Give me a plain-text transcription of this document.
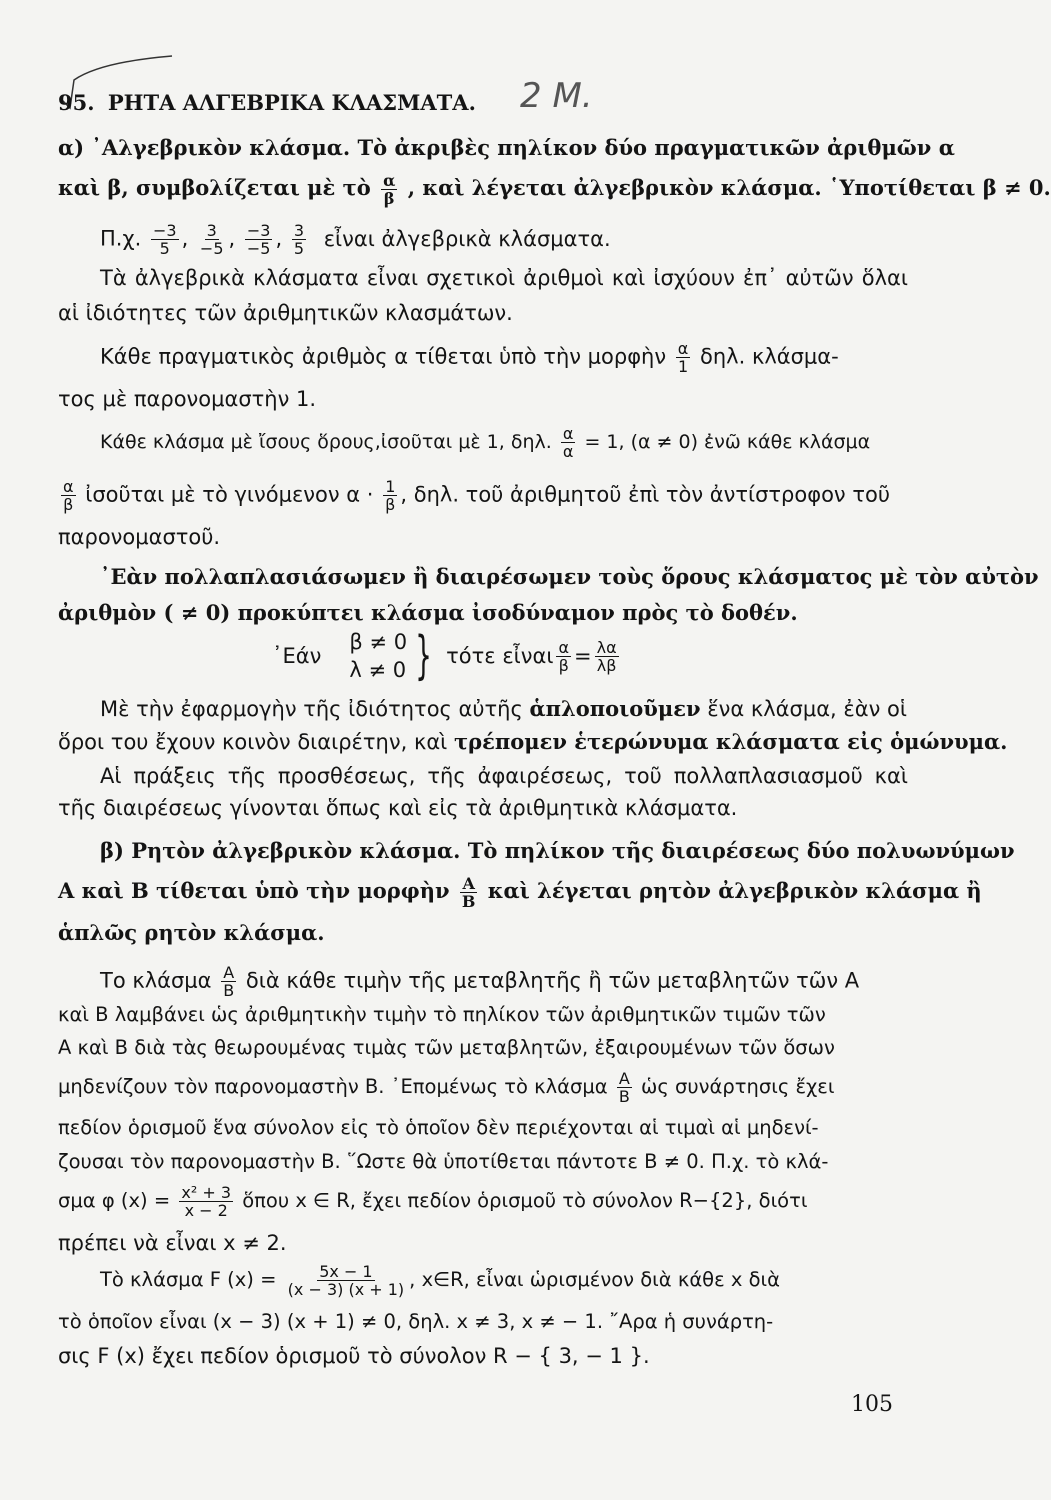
95. ΡΗΤΑ ΑΛΓΕΒΡΙΚΑ ΚΛΑΣΜΑΤΑ.	2 Μ.
α) ᾽Αλγεβρικὸν κλάσμα. Τὸ ἀκριβὲς πηλίκον δύο πραγματικῶν ἀριθμῶν α
καὶ β, συμβολίζεται μὲ τὸ $\frac{\alpha}{\beta}$ , καὶ λέγεται ἀλγεβρικὸν κλάσμα. ῾Υποτίθεται β ≠ 0.
Π.χ. $\frac{-3}{5}$ , $\frac{3}{-5}$ , $\frac{-3}{-5}$ , $\frac{3}{5}$ εἶναι ἀλγεβρικὰ κλάσματα.
Τὰ ἀλγεβρικὰ κλάσματα εἶναι σχετικοὶ ἀριθμοὶ καὶ ἰσχύουν ἐπ᾽ αὐτῶν ὅλαι
αἱ ἰδιότητες τῶν ἀριθμητικῶν κλασμάτων.
Κάθε πραγματικὸς ἀριθμὸς α τίθεται ὑπὸ τὴν μορφὴν $\frac{\alpha}{1} \delta\eta\lambda$. κλάσμα-
τος μὲ παρονομαστὴν 1.
Κάθε κλάσμα μὲ ἴσους ὅρους,ἰσοῦται μὲ 1, δηλ. $\frac{\alpha}{\alpha} = 1$, (α ≠ 0) ἐνῶ κάθε κλάσμα
$\frac{\alpha}{\beta}$ ἰσοῦται μὲ τὸ γινόμενον $\alpha \cdot \frac{1}{\beta}$ , δηλ. τοῦ ἀριθμητοῦ ἐπὶ τὸν ἀντίστροφον τοῦ
παρονομαστοῦ.
᾽Εὰν πολλαπλασιάσωμεν ἢ διαιρέσωμεν τοὺς ὅρους κλάσματος μὲ τὸν αὐτὸν
ἀριθμὸν ( ≠ 0) προκύπτει κλάσμα ἰσοδύναμον πρὸς τὸ δοθέν.
᾽Εάν
β ≠ 0
λ ≠ 0 } τότε εἶναι $\frac{\alpha}{\beta} = \frac{\lambda\alpha}{\lambda\beta}$
Μὲ τὴν ἐφαρμογὴν τῆς ἰδιότητος αὐτῆς ἁπλοποιοῦμεν ἕνα κλάσμα, ἐὰν οἱ
ὅροι του ἔχουν κοινὸν διαιρέτην, καὶ τρέπομεν ἑτερώνυμα κλάσματα εἰς ὁμώνυμα.
Αἱ πράξεις τῆς προσθέσεως, τῆς ἀφαιρέσεως, τοῦ πολλαπλασιασμοῦ καὶ
τῆς διαιρέσεως γίνονται ὅπως καὶ εἰς τὰ ἀριθμητικὰ κλάσματα.
β) Ρητὸν ἀλγεβρικὸν κλάσμα. Τὸ πηλίκον τῆς διαιρέσεως δύο πολυωνύμων
Α καὶ Β τίθεται ὑπὸ τὴν μορφὴν $\frac{A}{B}$ καὶ λέγεται ρητὸν ἀλγεβρικὸν κλάσμα ἢ
ἁπλῶς ρητὸν κλάσμα.
Το κλάσμα $\frac{A}{B}$ διὰ κάθε τιμὴν τῆς μεταβλητῆς ἢ τῶν μεταβλητῶν τῶν Α
καὶ Β λαμβάνει ὡς ἀριθμητικὴν τιμὴν τὸ πηλίκον τῶν ἀριθμητικῶν τιμῶν τῶν
Α καὶ Β διὰ τὰς θεωρουμένας τιμὰς τῶν μεταβλητῶν, ἐξαιρουμένων τῶν ὅσων
μηδενίζουν τὸν παρονομαστὴν Β. ᾽Επομένως τὸ κλάσμα $\frac{A}{B}$ ὡς συνάρτησις ἔχει
πεδίον ὁρισμοῦ ἕνα σύνολον εἰς τὸ ὁποῖον δὲν περιέχονται αἱ τιμαὶ αἱ μηδενί-
ζουσαι τὸν παρονομαστὴν Β. ῞Ωστε θὰ ὑποτίθεται πάντοτε Β ≠ 0. Π.χ. τὸ κλά-
σμα φ $(x) = \frac{\text{x² + 3}}{x - 2}$ ὅπου x ∈ R, ἔχει πεδίον ὁρισμοῦ τὸ σύνολον R−{2}, διότι
πρέπει νὰ εἶναι x ≠ 2.
Τὸ κλάσμα F $(x) = \frac{5x - 1}{(x - 3) (x + 1)}$ , x∈R, εἶναι ὡρισμένον διὰ κάθε x διὰ
τὸ ὁποῖον εἶναι (x − 3) (x + 1) ≠ 0, δηλ. x ≠ 3, x ≠ − 1. ῎Αρα ἡ συνάρτη-
σις F (x) ἔχει πεδίον ὁρισμοῦ τὸ σύνολον R − { 3, − 1 }.
105
